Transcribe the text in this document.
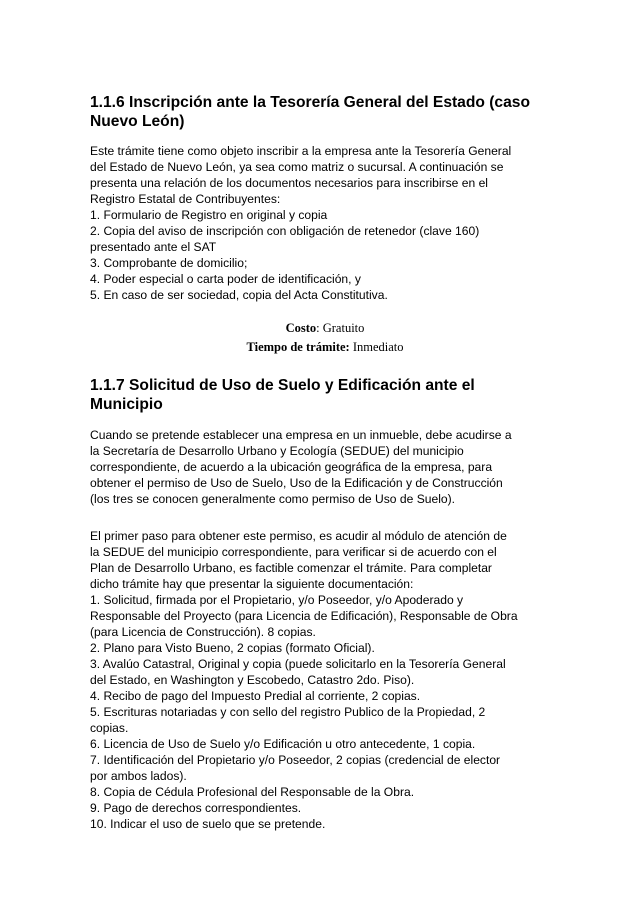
1.1.6 Inscripción ante la Tesorería General del Estado (caso
Nuevo León)
Este trámite tiene como objeto inscribir a la empresa ante la Tesorería General
del Estado de Nuevo León, ya sea como matriz o sucursal. A continuación se
presenta una relación de los documentos necesarios para inscribirse en el
Registro Estatal de Contribuyentes:
1. Formulario de Registro en original y copia
2. Copia del aviso de inscripción con obligación de retenedor (clave 160)
presentado ante el SAT
3. Comprobante de domicilio;
4. Poder especial o carta poder de identificación, y
5. En caso de ser sociedad, copia del Acta Constitutiva.
Costo: Gratuito
Tiempo de trámite: Inmediato
1.1.7 Solicitud de Uso de Suelo y Edificación ante el
Municipio
Cuando se pretende establecer una empresa en un inmueble, debe acudirse a
la Secretaría de Desarrollo Urbano y Ecología (SEDUE) del municipio
correspondiente, de acuerdo a la ubicación geográfica de la empresa, para
obtener el permiso de Uso de Suelo, Uso de la Edificación y de Construcción
(los tres se conocen generalmente como permiso de Uso de Suelo).
El primer paso para obtener este permiso, es acudir al módulo de atención de
la SEDUE del municipio correspondiente, para verificar si de acuerdo con el
Plan de Desarrollo Urbano, es factible comenzar el trámite. Para completar
dicho trámite hay que presentar la siguiente documentación:
1. Solicitud, firmada por el Propietario, y/o Poseedor, y/o Apoderado y
Responsable del Proyecto (para Licencia de Edificación), Responsable de Obra
(para Licencia de Construcción). 8 copias.
2. Plano para Visto Bueno, 2 copias (formato Oficial).
3. Avalúo Catastral, Original y copia (puede solicitarlo en la Tesorería General
del Estado, en Washington y Escobedo, Catastro 2do. Piso).
4. Recibo de pago del Impuesto Predial al corriente, 2 copias.
5. Escrituras notariadas y con sello del registro Publico de la Propiedad, 2
copias.
6. Licencia de Uso de Suelo y/o Edificación u otro antecedente, 1 copia.
7. Identificación del Propietario y/o Poseedor, 2 copias (credencial de elector
por ambos lados).
8. Copia de Cédula Profesional del Responsable de la Obra.
9. Pago de derechos correspondientes.
10. Indicar el uso de suelo que se pretende.
